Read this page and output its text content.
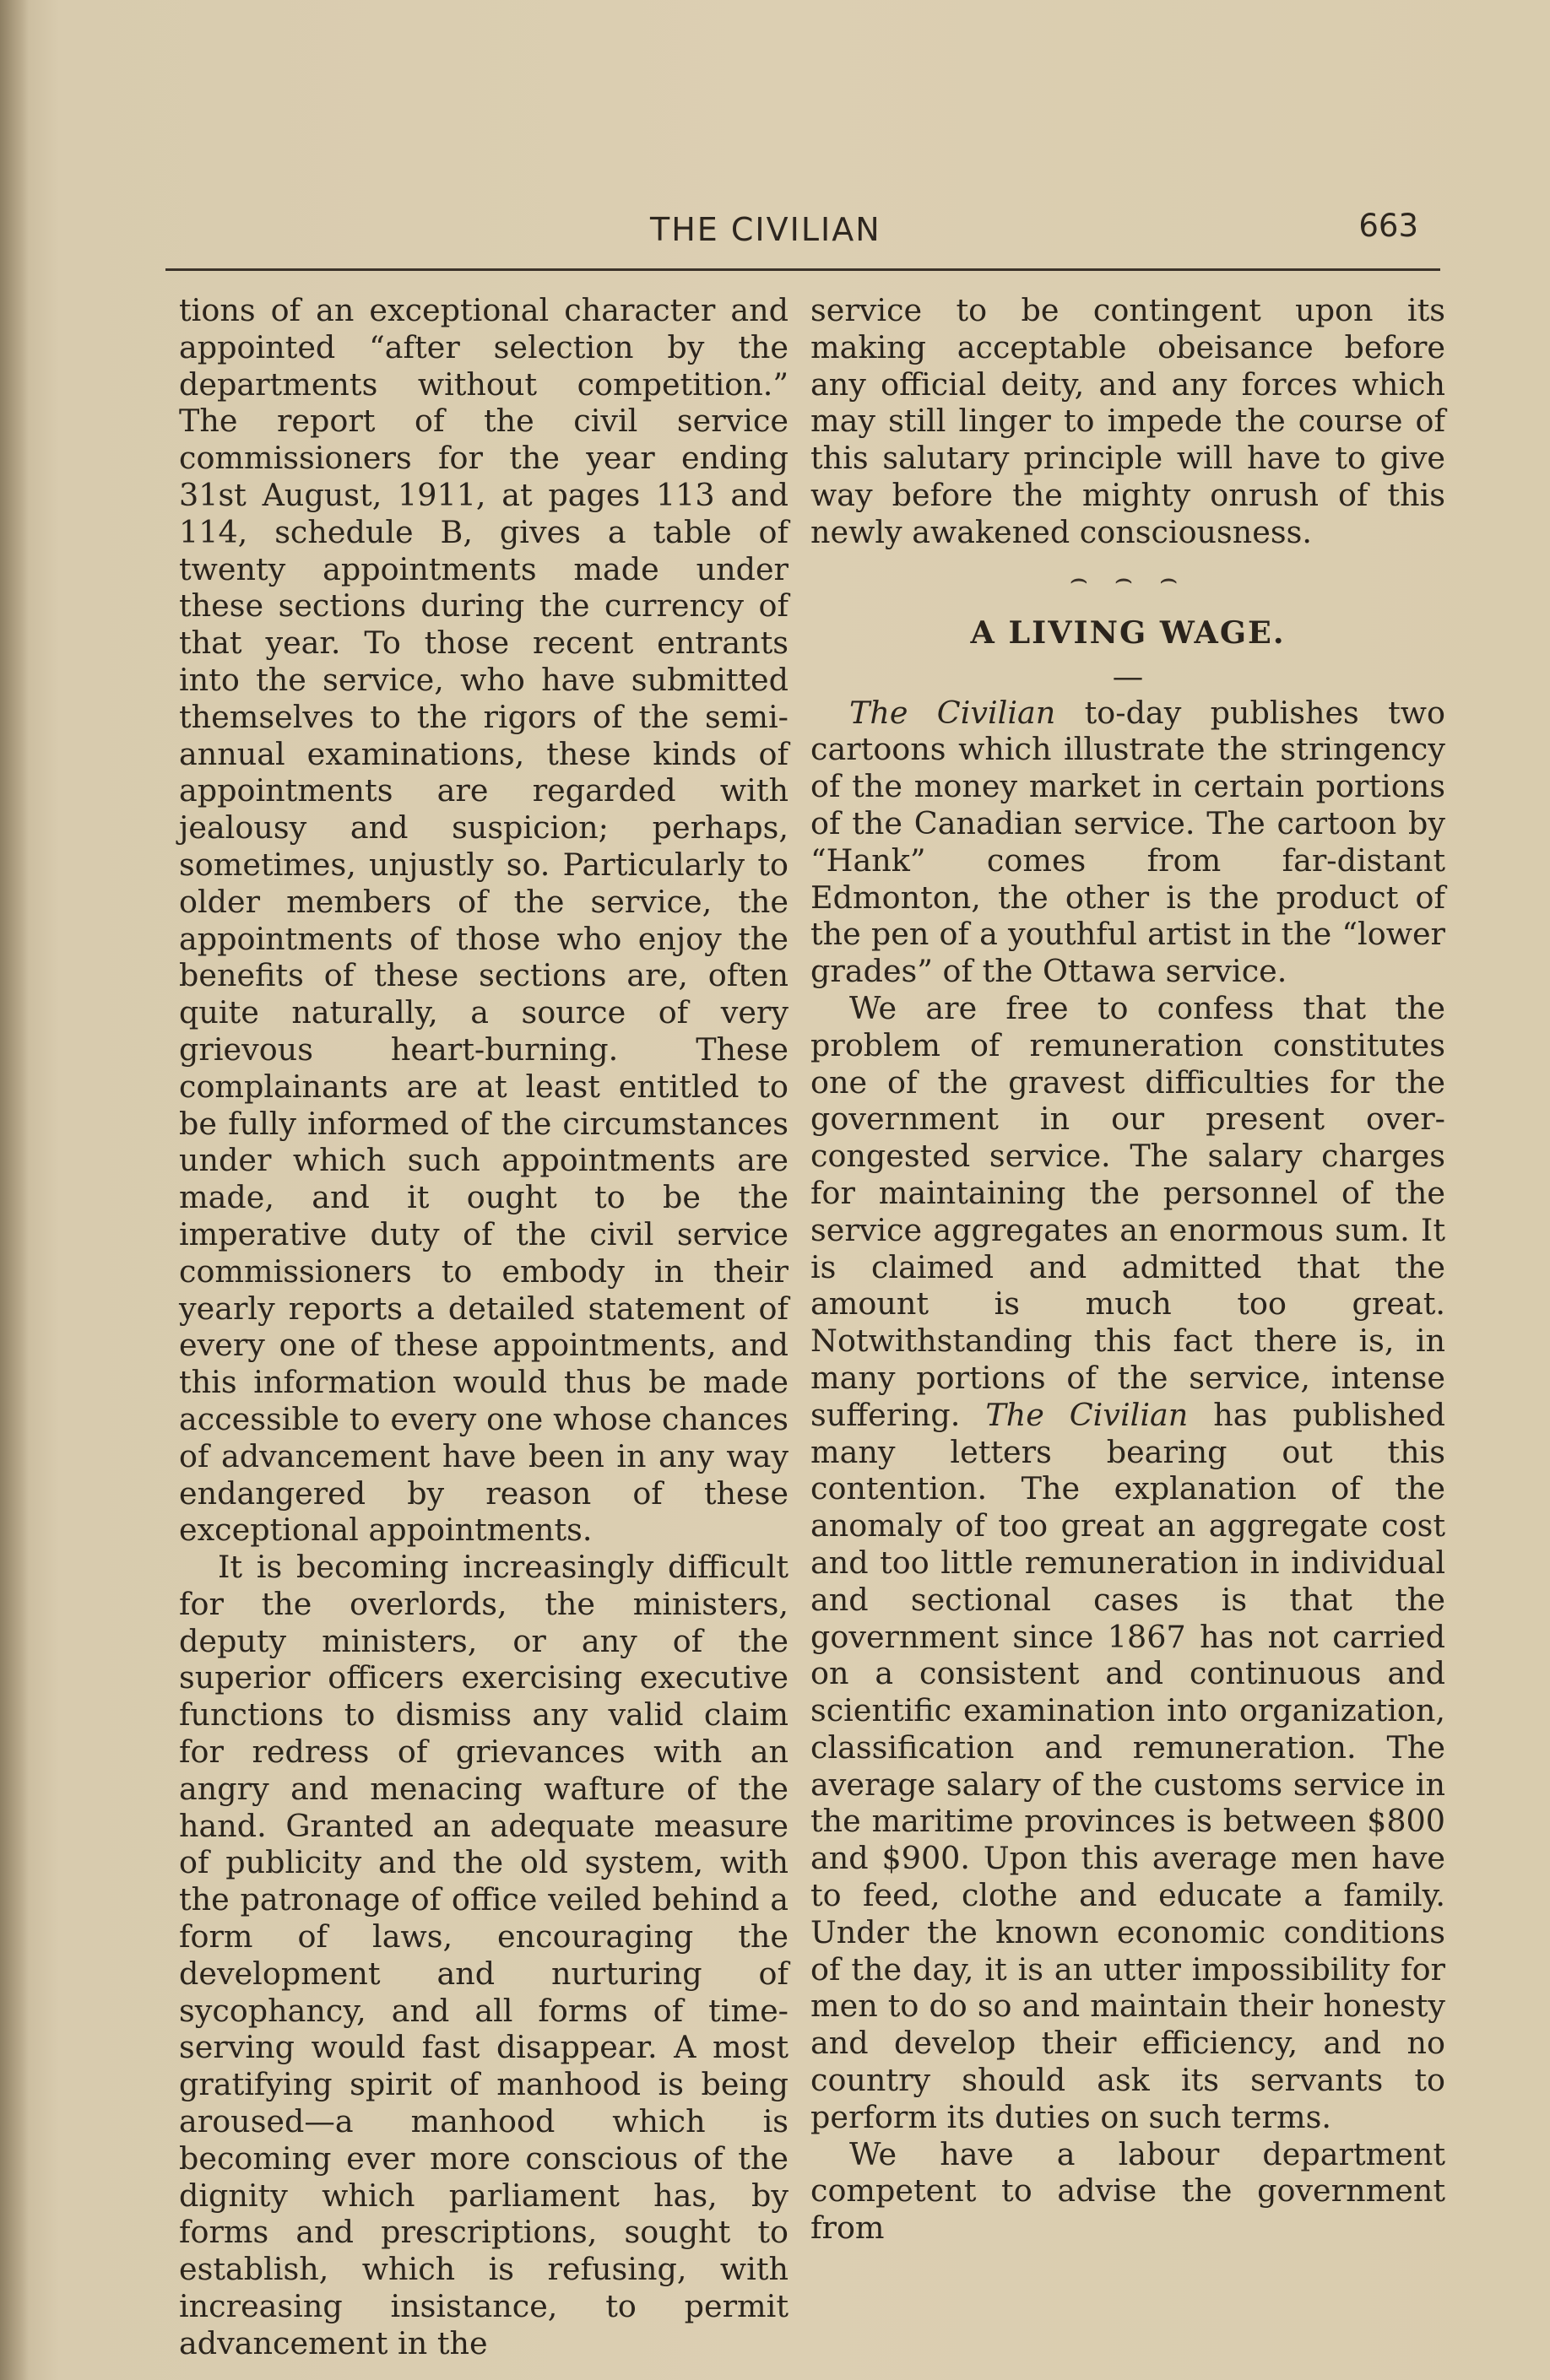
THE CIVILIAN	663

tions of an exceptional character and appointed “after selection by the departments without competition.” The report of the civil service commissioners for the year ending 31st August, 1911, at pages 113 and 114, schedule B, gives a table of twenty appointments made under these sections during the currency of that year. To those recent entrants into the service, who have submitted themselves to the rigors of the semi-annual examinations, these kinds of appointments are regarded with jealousy and suspicion; perhaps, sometimes, unjustly so. Particularly to older members of the service, the appointments of those who enjoy the benefits of these sections are, often quite naturally, a source of very grievous heart-burning. These complainants are at least entitled to be fully informed of the circumstances under which such appointments are made, and it ought to be the imperative duty of the civil service commissioners to embody in their yearly reports a detailed statement of every one of these appointments, and this information would thus be made accessible to every one whose chances of advancement have been in any way endangered by reason of these exceptional appointments.

It is becoming increasingly difficult for the overlords, the ministers, deputy ministers, or any of the superior officers exercising executive functions to dismiss any valid claim for redress of grievances with an angry and menacing wafture of the hand. Granted an adequate measure of publicity and the old system, with the patronage of office veiled behind a form of laws, encouraging the development and nurturing of sycophancy, and all forms of time-serving would fast disappear. A most gratifying spirit of manhood is being aroused—a manhood which is becoming ever more conscious of the dignity which parliament has, by forms and prescriptions, sought to establish, which is refusing, with increasing insistance, to permit advancement in the

service to be contingent upon its making acceptable obeisance before any official deity, and any forces which may still linger to impede the course of this salutary principle will have to give way before the mighty onrush of this newly awakened consciousness.

⌢ ⌢ ⌢
A LIVING WAGE.
—

The Civilian to-day publishes two cartoons which illustrate the stringency of the money market in certain portions of the Canadian service. The cartoon by “Hank” comes from far-distant Edmonton, the other is the product of the pen of a youthful artist in the “lower grades” of the Ottawa service.

We are free to confess that the problem of remuneration constitutes one of the gravest difficulties for the government in our present over-congested service. The salary charges for maintaining the personnel of the service aggregates an enormous sum. It is claimed and admitted that the amount is much too great. Notwithstanding this fact there is, in many portions of the service, intense suffering. The Civilian has published many letters bearing out this contention. The explanation of the anomaly of too great an aggregate cost and too little remuneration in individual and sectional cases is that the government since 1867 has not carried on a consistent and continuous and scientific examination into organization, classification and remuneration. The average salary of the customs service in the maritime provinces is between $800 and $900. Upon this average men have to feed, clothe and educate a family. Under the known economic conditions of the day, it is an utter impossibility for men to do so and maintain their honesty and develop their efficiency, and no country should ask its servants to perform its duties on such terms.

We have a labour department competent to advise the government from
